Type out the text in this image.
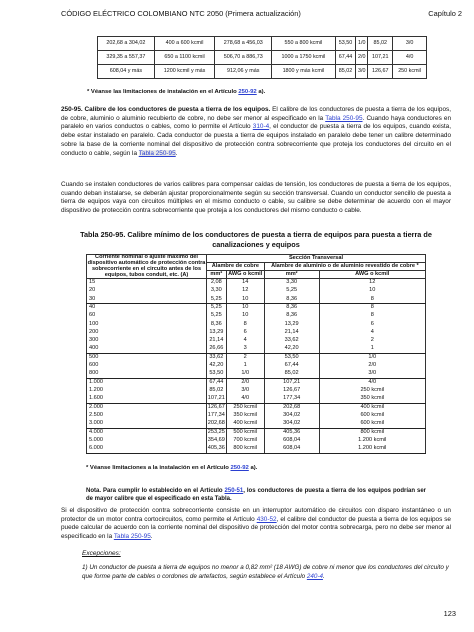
CÓDIGO ELÉCTRICO COLOMBIANO NTC 2050 (Primera actualización)	Capítulo 2
202,68 a 304,02	400 a 600 kcmil	278,68 a 456,03	550 a 800 kcmil	53,50	1/0	85,02	3/0
329,35 a 557,37	650 a 1100 kcmil	506,70 a 886,73	1000 a 1750 kcmil	67,44	2/0	107,21	4/0
608,04 y más	1200 kcmil y más	912,06 y más	1800 y más kcmil	85,02	3/0	126,67	250 kcmil
* Véanse las limitaciones de instalación en el Artículo 250-92 a).
250-95. Calibre de los conductores de puesta a tierra de los equipos. El calibre de los conductores de puesta a tierra de los equipos, de cobre, aluminio o aluminio recubierto de cobre, no debe ser menor al especificado en la Tabla 250-95. Cuando haya conductores en paralelo en varios conductos o cables, como lo permite el Artículo 310-4, el conductor de puesta a tierra de los equipos, cuando exista, debe estar instalado en paralelo. Cada conductor de puesta a tierra de equipos instalado en paralelo debe tener un calibre determinado sobre la base de la corriente nominal del dispositivo de protección contra sobrecorriente que proteja los conductores del circuito en el conducto o cable, según la Tabla 250-95.
Cuando se instalen conductores de varios calibres para compensar caídas de tensión, los conductores de puesta a tierra de los equipos, cuando deban instalarse, se deberán ajustar proporcionalmente según su sección transversal. Cuando un conductor sencillo de puesta a tierra de equipos vaya con circuitos múltiples en el mismo conducto o cable, su calibre se debe determinar de acuerdo con el mayor dispositivo de protección contra sobrecorriente que proteja a los conductores del mismo conducto o cable.
Tabla 250-95. Calibre mínimo de los conductores de puesta a tierra de equipos para puesta a tierra de canalizaciones y equipos
Corriente nominal o ajuste máximo del dispositivo automático de protección contra sobrecorriente en el circuito antes de los equipos, tubos conduit, etc. (A)	Sección Transversal			
	Alambre de cobre		Alambre de aluminio o de aluminio revestido de cobre *	
	mm²	AWG o kcmil	mm²	AWG o kcmil
15	2,08	14	3,30	12
20	3,30	12	5,25	10
30	5,25	10	8,36	8
40	5,25	10	8,36	8
60	5,25	10	8,36	8
100	8,36	8	13,29	6
200	13,29	6	21,14	4
300	21,14	4	33,62	2
400	26,66	3	42,20	1
500	33,62	2	53,50	1/0
600	42,20	1	67,44	2/0
800	53,50	1/0	85,02	3/0
1.000	67,44	2/0	107,21	4/0
1.200	85,02	3/0	126,67	250 kcmil
1.600	107,21	4/0	177,34	350 kcmil
2.000	126,67	250 kcmil	202,68	400 kcmil
2.500	177,34	350 kcmil	304,02	600 kcmil
3.000	202,68	400 kcmil	304,02	600 kcmil
4.000	253,25	500 kcmil	405,36	800 kcmil
5.000	354,69	700 kcmil	608,04	1.200 kcmil
6.000	405,36	800 kcmil	608,04	1.200 kcmil
* Véanse limitaciones a la instalación en el Artículo 250-92 a).
Nota. Para cumplir lo establecido en el Artículo 250-51, los conductores de puesta a tierra de los equipos podrían ser de mayor calibre que el especificado en esta Tabla.
Si el dispositivo de protección contra sobrecorriente consiste en un interruptor automático de circuitos con disparo instantáneo o un protector de un motor contra cortocircuitos, como permite el Artículo 430-52, el calibre del conductor de puesta a tierra de los equipos se puede calcular de acuerdo con la corriente nominal del dispositivo de protección del motor contra sobrecarga, pero no debe ser menor al especificado en la Tabla 250-95.
Excepciones:
1) Un conductor de puesta a tierra de equipos no menor a 0,82 mm² (18 AWG) de cobre ni menor que los conductores del circuito y que forme parte de cables o cordones de artefactos, según establece el Artículo 240-4.
123
